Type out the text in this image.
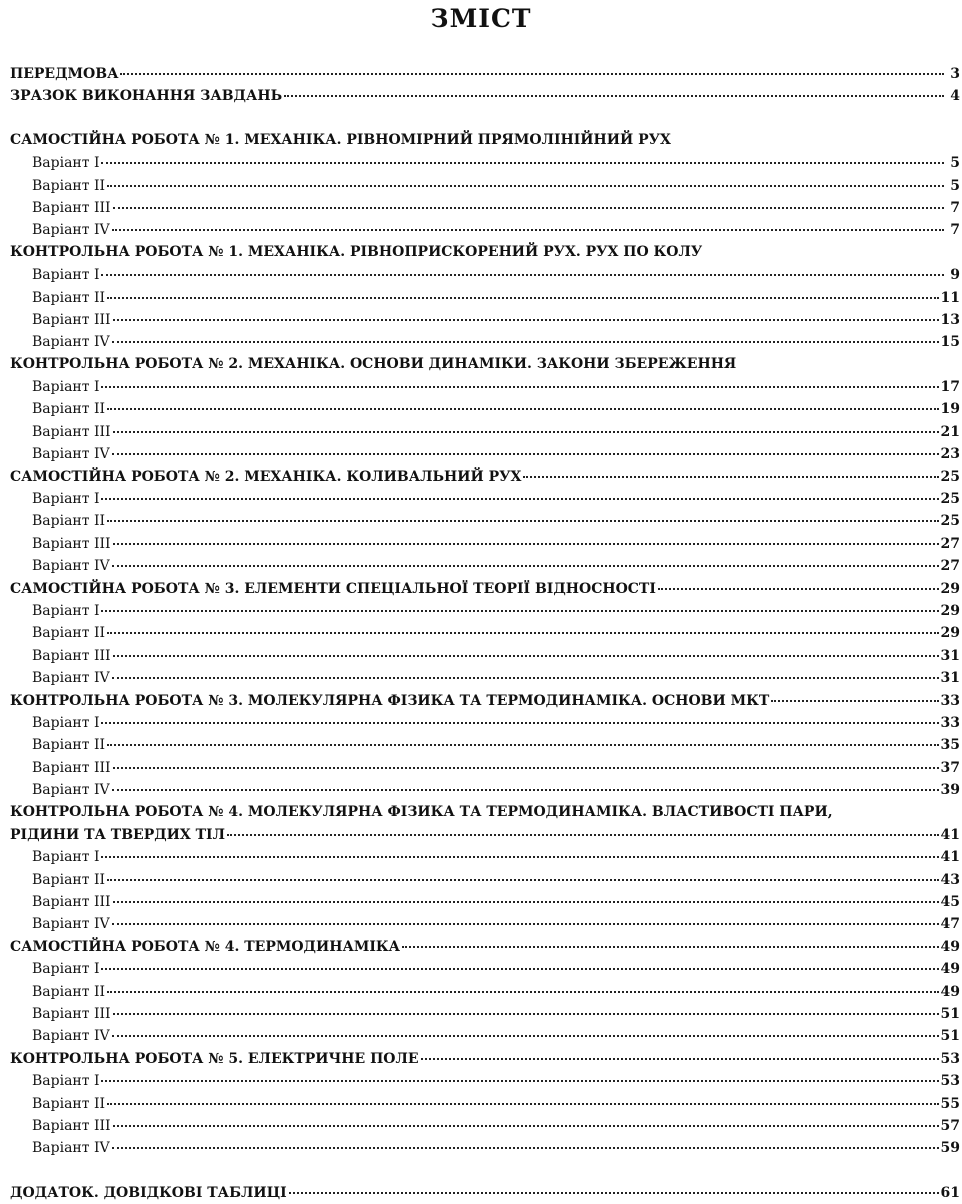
ЗМІСТ
ПЕРЕДМОВА	3
ЗРАЗОК ВИКОНАННЯ ЗАВДАНЬ	4
САМОСТІЙНА РОБОТА № 1. МЕХАНІКА. РІВНОМІРНИЙ ПРЯМОЛІНІЙНИЙ РУХ
Варіант I	5
Варіант II	5
Варіант III	7
Варіант IV	7
КОНТРОЛЬНА РОБОТА № 1. МЕХАНІКА. РІВНОПРИСКОРЕНИЙ РУХ. РУХ ПО КОЛУ
Варіант I	9
Варіант II	11
Варіант III	13
Варіант IV	15
КОНТРОЛЬНА РОБОТА № 2. МЕХАНІКА. ОСНОВИ ДИНАМІКИ. ЗАКОНИ ЗБЕРЕЖЕННЯ
Варіант I	17
Варіант II	19
Варіант III	21
Варіант IV	23
САМОСТІЙНА РОБОТА № 2. МЕХАНІКА. КОЛИВАЛЬНИЙ РУХ	25
Варіант I	25
Варіант II	25
Варіант III	27
Варіант IV	27
САМОСТІЙНА РОБОТА № 3. ЕЛЕМЕНТИ СПЕЦІАЛЬНОЇ ТЕОРІЇ ВІДНОСНОСТІ	29
Варіант I	29
Варіант II	29
Варіант III	31
Варіант IV	31
КОНТРОЛЬНА РОБОТА № 3. МОЛЕКУЛЯРНА ФІЗИКА ТА ТЕРМОДИНАМІКА. ОСНОВИ МКТ	33
Варіант I	33
Варіант II	35
Варіант III	37
Варіант IV	39
КОНТРОЛЬНА РОБОТА № 4. МОЛЕКУЛЯРНА ФІЗИКА ТА ТЕРМОДИНАМІКА. ВЛАСТИВОСТІ ПАРИ,
РІДИНИ ТА ТВЕРДИХ ТІЛ	41
Варіант I	41
Варіант II	43
Варіант III	45
Варіант IV	47
САМОСТІЙНА РОБОТА № 4. ТЕРМОДИНАМІКА	49
Варіант I	49
Варіант II	49
Варіант III	51
Варіант IV	51
КОНТРОЛЬНА РОБОТА № 5. ЕЛЕКТРИЧНЕ ПОЛЕ	53
Варіант I	53
Варіант II	55
Варіант III	57
Варіант IV	59
ДОДАТОК. ДОВІДКОВІ ТАБЛИЦІ	61
